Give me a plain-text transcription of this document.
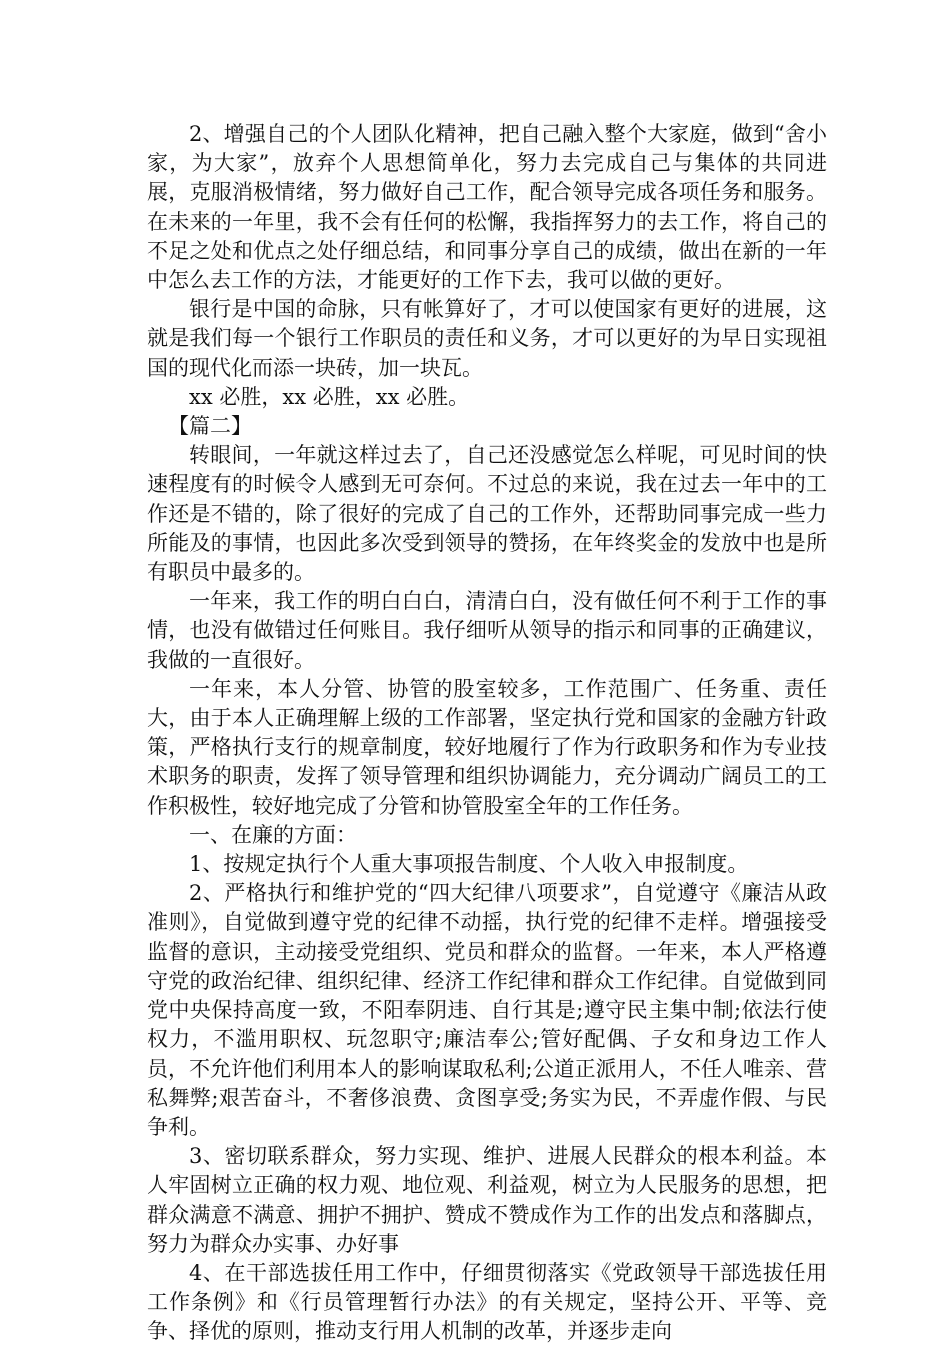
2、增强自己的个人团队化精神，把自己融入整个大家庭，做到“舍小家，为大家”，放弃个人思想简单化，努力去完成自己与集体的共同进展，克服消极情绪，努力做好自己工作，配合领导完成各项任务和服务。在未来的一年里，我不会有任何的松懈，我指挥努力的去工作，将自己的不足之处和优点之处仔细总结，和同事分享自己的成绩，做出在新的一年中怎么去工作的方法，才能更好的工作下去，我可以做的更好。

银行是中国的命脉，只有帐算好了，才可以使国家有更好的进展，这就是我们每一个银行工作职员的责任和义务，才可以更好的为早日实现祖国的现代化而添一块砖，加一块瓦。

xx 必胜，xx 必胜，xx 必胜。

【篇二】

转眼间，一年就这样过去了，自己还没感觉怎么样呢，可见时间的快速程度有的时候令人感到无可奈何。不过总的来说，我在过去一年中的工作还是不错的，除了很好的完成了自己的工作外，还帮助同事完成一些力所能及的事情，也因此多次受到领导的赞扬，在年终奖金的发放中也是所有职员中最多的。

一年来，我工作的明白白白，清清白白，没有做任何不利于工作的事情，也没有做错过任何账目。我仔细听从领导的指示和同事的正确建议，我做的一直很好。

一年来，本人分管、协管的股室较多，工作范围广、任务重、责任大，由于本人正确理解上级的工作部署，坚定执行党和国家的金融方针政策，严格执行支行的规章制度，较好地履行了作为行政职务和作为专业技术职务的职责，发挥了领导管理和组织协调能力，充分调动广阔员工的工作积极性，较好地完成了分管和协管股室全年的工作任务。

一、在廉的方面：

1、按规定执行个人重大事项报告制度、个人收入申报制度。

2、严格执行和维护党的“四大纪律八项要求”，自觉遵守《廉洁从政准则》，自觉做到遵守党的纪律不动摇，执行党的纪律不走样。增强接受监督的意识，主动接受党组织、党员和群众的监督。一年来，本人严格遵守党的政治纪律、组织纪律、经济工作纪律和群众工作纪律。自觉做到同党中央保持高度一致，不阳奉阴违、自行其是;遵守民主集中制;依法行使权力，不滥用职权、玩忽职守;廉洁奉公;管好配偶、子女和身边工作人员，不允许他们利用本人的影响谋取私利;公道正派用人，不任人唯亲、营私舞弊;艰苦奋斗，不奢侈浪费、贪图享受;务实为民，不弄虚作假、与民争利。

3、密切联系群众，努力实现、维护、进展人民群众的根本利益。本人牢固树立正确的权力观、地位观、利益观，树立为人民服务的思想，把群众满意不满意、拥护不拥护、赞成不赞成作为工作的出发点和落脚点，努力为群众办实事、办好事

4、在干部选拔任用工作中，仔细贯彻落实《党政领导干部选拔任用工作条例》和《行员管理暂行办法》的有关规定，坚持公开、平等、竞争、择优的原则，推动支行用人机制的改革，并逐步走向
